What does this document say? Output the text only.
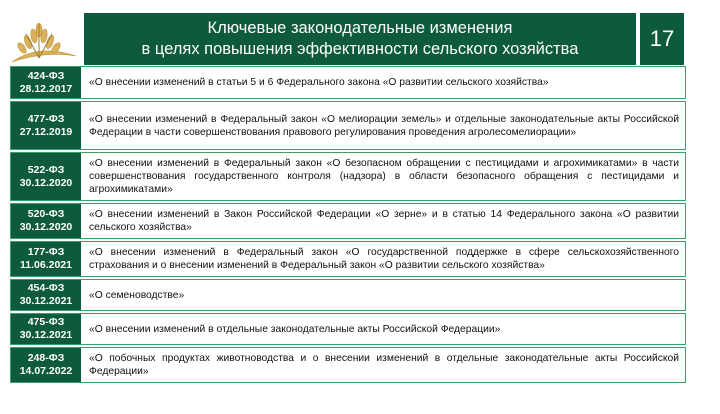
Ключевые законодательные изменения
в целях повышения эффективности сельского хозяйства	17
424-ФЗ
28.12.2017 «О внесении изменений в статьи 5 и 6 Федерального закона «О развитии сельского хозяйства»
477-ФЗ
27.12.2019
«О внесении изменений в Федеральный закон «О мелиорации земель» и отдельные законодательные акты Российской Федерации в части совершенствования правового регулирования проведения агролесомелиорации»
522-ФЗ
30.12.2020
«О внесении изменений в Федеральный закон «О безопасном обращении с пестицидами и агрохимикатами» в части совершенствования государственного контроля (надзора) в области безопасного обращения с пестицидами и агрохимикатами»
520-ФЗ
30.12.2020
«О внесении изменений в Закон Российской Федерации «О зерне» и в статью 14 Федерального закона «О развитии сельского хозяйства»
177-ФЗ
11.06.2021
«О внесении изменений в Федеральный закон «О государственной поддержке в сфере сельскохозяйственного страхования и о внесении изменений в Федеральный закон «О развитии сельского хозяйства»
454-ФЗ
30.12.2021 «О семеноводстве»
475-ФЗ
30.12.2021 «О внесении изменений в отдельные законодательные акты Российской Федерации»
248-ФЗ
14.07.2022
«О побочных продуктах животноводства и о внесении изменений в отдельные законодательные акты Российской Федерации»
